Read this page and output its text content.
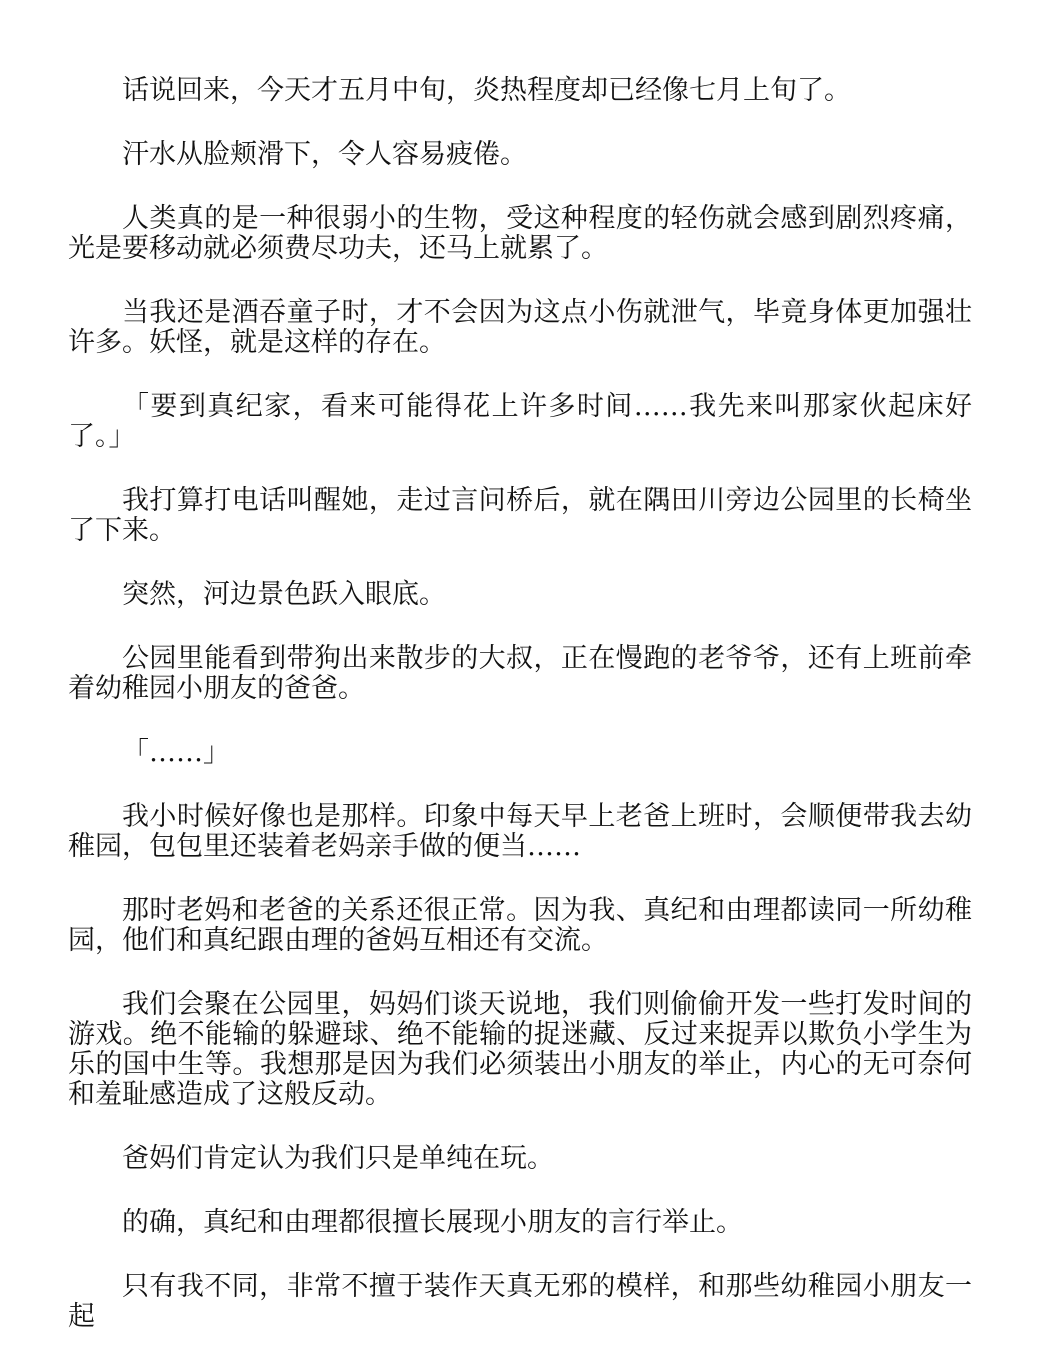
话说回来，今天才五月中旬，炎热程度却已经像七月上旬了。

汗水从脸颊滑下，令人容易疲倦。

人类真的是一种很弱小的生物，受这种程度的轻伤就会感到剧烈疼痛，光是要移动就必须费尽功夫，还马上就累了。

当我还是酒吞童子时，才不会因为这点小伤就泄气，毕竟身体更加强壮许多。妖怪，就是这样的存在。

「要到真纪家，看来可能得花上许多时间……我先来叫那家伙起床好了。」

我打算打电话叫醒她，走过言问桥后，就在隅田川旁边公园里的长椅坐了下来。

突然，河边景色跃入眼底。

公园里能看到带狗出来散步的大叔，正在慢跑的老爷爷，还有上班前牵着幼稚园小朋友的爸爸。

「……」

我小时候好像也是那样。印象中每天早上老爸上班时，会顺便带我去幼稚园，包包里还装着老妈亲手做的便当……

那时老妈和老爸的关系还很正常。因为我、真纪和由理都读同一所幼稚园，他们和真纪跟由理的爸妈互相还有交流。

我们会聚在公园里，妈妈们谈天说地，我们则偷偷开发一些打发时间的游戏。绝不能输的躲避球、绝不能输的捉迷藏、反过来捉弄以欺负小学生为乐的国中生等。我想那是因为我们必须装出小朋友的举止，内心的无可奈何和羞耻感造成了这般反动。

爸妈们肯定认为我们只是单纯在玩。

的确，真纪和由理都很擅长展现小朋友的言行举止。

只有我不同，非常不擅于装作天真无邪的模样，和那些幼稚园小朋友一起
